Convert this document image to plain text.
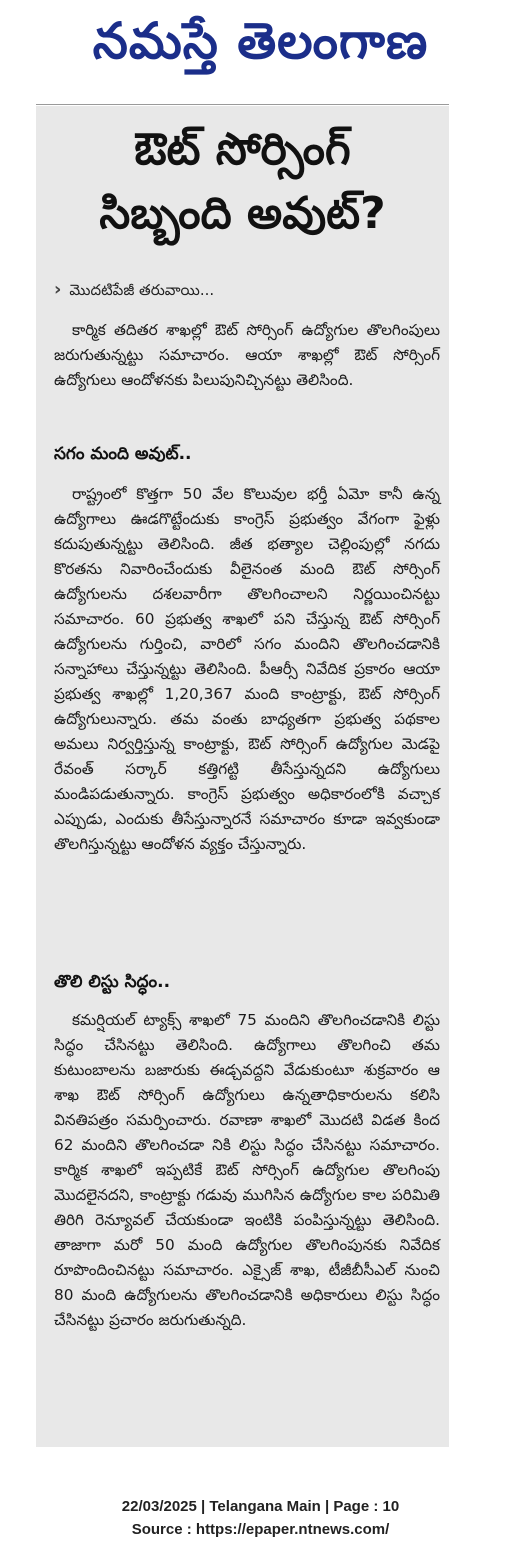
నమస్తే తెలంగాణ
ఔట్ సోర్సింగ్
సిబ్బంది అవుట్?
› మొదటిపేజీ తరువాయి...

కార్మిక తదితర శాఖల్లో ఔట్ సోర్సింగ్ ఉద్యోగుల తొలగింపులు జరుగుతున్నట్టు సమాచారం. ఆయా శాఖల్లో ఔట్ సోర్సింగ్ ఉద్యోగులు ఆందోళనకు పిలుపునిచ్చినట్టు తెలిసింది.

సగం మంది అవుట్..

రాష్ట్రంలో కొత్తగా 50 వేల కొలువుల భర్తీ ఏమో కానీ ఉన్న ఉద్యోగాలు ఊడగొట్టేందుకు కాంగ్రెస్ ప్రభుత్వం వేగంగా ఫైళ్లు కదుపుతున్నట్టు తెలిసింది. జీత భత్యాల చెల్లింపుల్లో నగదు కొరతను నివారించేందుకు వీలైనంత మంది ఔట్ సోర్సింగ్ ఉద్యోగులను దశలవారీగా తొలగించాలని నిర్ణయించినట్టు సమాచారం. 60 ప్రభుత్వ శాఖలో పని చేస్తున్న ఔట్ సోర్సింగ్ ఉద్యోగులను గుర్తించి, వారిలో సగం మందిని తొలగించడానికి సన్నాహాలు చేస్తున్నట్టు తెలిసింది. పీఆర్సీ నివేదిక ప్రకారం ఆయా ప్రభుత్వ శాఖల్లో 1,20,367 మంది కాంట్రాక్టు, ఔట్ సోర్సింగ్ ఉద్యోగులున్నారు. తమ వంతు బాధ్యతగా ప్రభుత్వ పథకాల అమలు నిర్వర్తిస్తున్న కాంట్రాక్టు, ఔట్ సోర్సింగ్ ఉద్యోగుల మెడపై రేవంత్ సర్కార్ కత్తిగట్టి తీసేస్తున్నదని ఉద్యోగులు మండిపడుతున్నారు. కాంగ్రెస్ ప్రభుత్వం అధికారంలోకి వచ్చాక ఎప్పుడు, ఎందుకు తీసేస్తున్నారనే సమాచారం కూడా ఇవ్వకుండా తొలగిస్తున్నట్టు ఆందోళన వ్యక్తం చేస్తున్నారు.

తొలి లిస్టు సిద్ధం..

కమర్షియల్ ట్యాక్స్ శాఖలో 75 మందిని తొలగించడానికి లిస్టు సిద్ధం చేసినట్టు తెలిసింది. ఉద్యోగాలు తొలగించి తమ కుటుంబాలను బజారుకు ఈడ్చవద్దని వేడుకుంటూ శుక్రవారం ఆ శాఖ ఔట్ సోర్సింగ్ ఉద్యోగులు ఉన్నతాధికారులను కలిసి వినతిపత్రం సమర్పించారు. రవాణా శాఖలో మొదటి విడత కింద 62 మందిని తొలగించడా నికి లిస్టు సిద్ధం చేసినట్టు సమాచారం. కార్మిక శాఖలో ఇప్పటికే ఔట్ సోర్సింగ్ ఉద్యోగుల తొలగింపు మొదలైనదని, కాంట్రాక్టు గడువు ముగిసిన ఉద్యోగుల కాల పరిమితి తిరిగి రెన్యూవల్ చేయకుండా ఇంటికి పంపిస్తున్నట్టు తెలిసింది. తాజాగా మరో 50 మంది ఉద్యోగుల తొలగింపునకు నివేదిక రూపొందించినట్టు సమాచారం. ఎక్సైజ్ శాఖ, టీజీబీసీఎల్ నుంచి 80 మంది ఉద్యోగులను తొలగించడానికి అధికారులు లిస్టు సిద్ధం చేసినట్టు ప్రచారం జరుగుతున్నది.

22/03/2025 | Telangana Main | Page : 10
Source : https://epaper.ntnews.com/
